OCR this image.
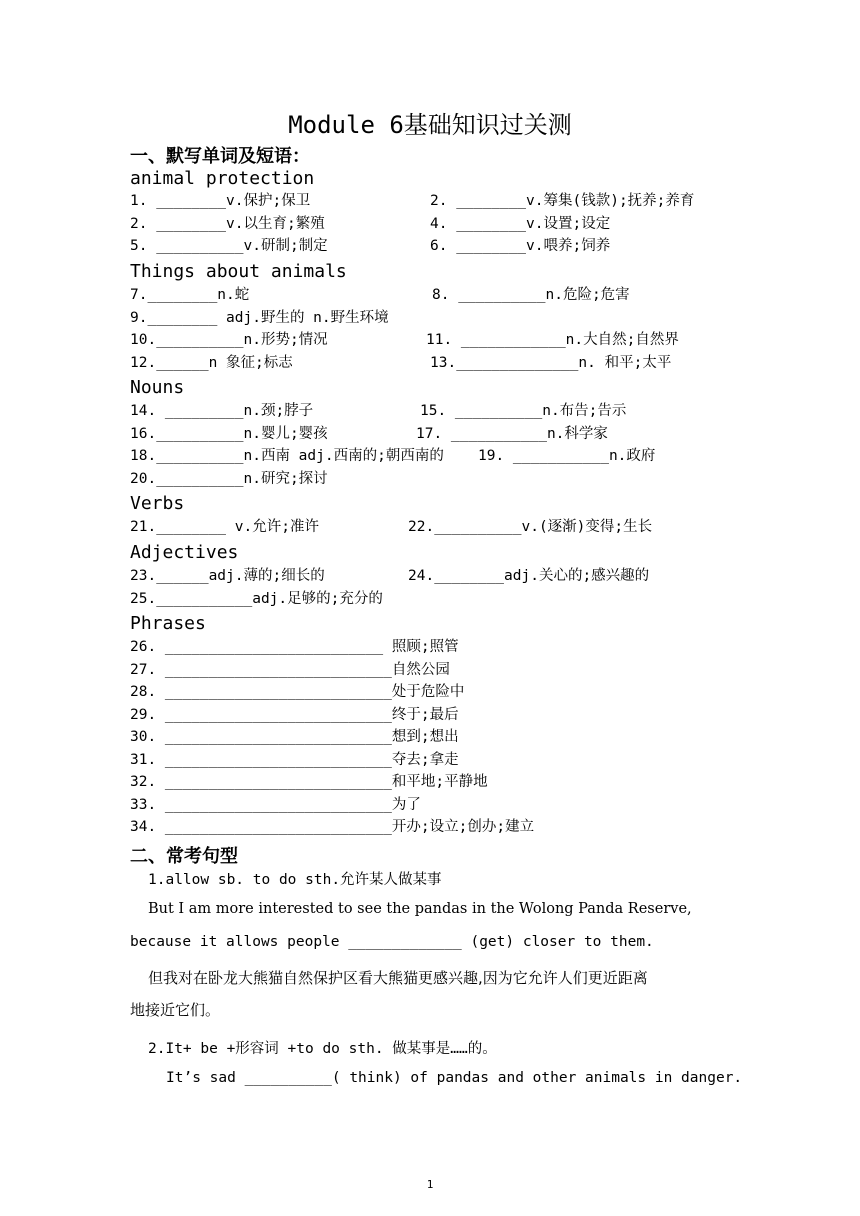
Module 6基础知识过关测
一、默写单词及短语：
animal protection
1. ________v.保护;保卫	2. ________v.筹集(钱款);抚养;养育
2. ________v.以生育;繁殖	4. ________v.设置;设定
5. __________v.研制;制定	6. ________v.喂养;饲养
Things about animals
7.________n.蛇	8. __________n.危险;危害
9.________ adj.野生的 n.野生环境
10.__________n.形势;情况	11. ____________n.大自然;自然界
12.______n 象征;标志	13.______________n. 和平;太平
Nouns
14. _________n.颈;脖子	15. __________n.布告;告示
16.__________n.婴儿;婴孩	17. ___________n.科学家
18.__________n.西南 adj.西南的;朝西南的 19. ___________n.政府
20.__________n.研究;探讨
Verbs
21.________ v.允许;准许	22.__________v.(逐渐)变得;生长
Adjectives
23.______adj.薄的;细长的	24.________adj.关心的;感兴趣的
25.___________adj.足够的;充分的
Phrases
26. _________________________ 照顾;照管
27. __________________________自然公园
28. __________________________处于危险中
29. __________________________终于;最后
30. __________________________想到;想出
31. __________________________夺去;拿走
32. __________________________和平地;平静地
33. __________________________为了
34. __________________________开办;设立;创办;建立
二、常考句型
1.allow sb. to do sth.允许某人做某事
But I am more interested to see the pandas in the Wolong Panda Reserve,
because it allows people _____________ (get) closer to them.
但我对在卧龙大熊猫自然保护区看大熊猫更感兴趣,因为它允许人们更近距离
地接近它们。
2.It+ be +形容词 +to do sth. 做某事是……的。
It’s sad __________( think) of pandas and other animals in danger.
1
